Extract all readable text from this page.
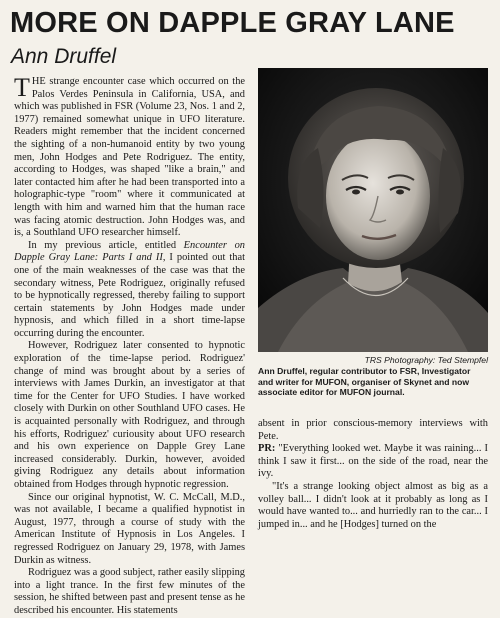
MORE ON DAPPLE GRAY LANE
Ann Druffel

THE strange encounter case which occurred on the Palos Verdes Peninsula in California, USA, and which was published in FSR (Volume 23, Nos. 1 and 2, 1977) remained somewhat unique in UFO literature. Readers might remember that the incident concerned the sighting of a non-humanoid entity by two young men, John Hodges and Pete Rodriguez. The entity, according to Hodges, was shaped "like a brain," and later contacted him after he had been transported into a holographic-type "room" where it communicated at length with him and warned him that the human race was facing atomic destruction. John Hodges was, and is, a Southland UFO researcher himself.

In my previous article, entitled Encounter on Dapple Gray Lane: Parts I and II, I pointed out that one of the main weaknesses of the case was that the secondary witness, Pete Rodriguez, originally refused to be hypnotically regressed, thereby failing to support certain statements by John Hodges made under hypnosis, and which filled in a short time-lapse occurring during the encounter.

However, Rodriguez later consented to hypnotic exploration of the time-lapse period. Rodriguez' change of mind was brought about by a series of interviews with James Durkin, an investigator at that time for the Center for UFO Studies. I have worked closely with Durkin on other Southland UFO cases. He is acquainted personally with Rodriguez, and through his efforts, Rodriguez' curiousity about UFO research and his own experience on Dapple Grey Lane increased considerably. Durkin, however, avoided giving Rodriguez any details about information obtained from Hodges through hypnotic regression.

Since our original hypnotist, W. C. McCall, M.D., was not available, I became a qualified hypnotist in August, 1977, through a course of study with the American Institute of Hypnosis in Los Angeles. I regressed Rodriguez on January 29, 1978, with James Durkin as witness.

Rodriguez was a good subject, rather easily slipping into a light trance. In the first few minutes of the session, he shifted between past and present tense as he described his encounter. His statements

TRS Photography: Ted Stempfel
Ann Druffel, regular contributor to FSR, Investigator and writer for MUFON, organiser of Skynet and now associate editor for MUFON journal.

absent in prior conscious-memory interviews with Pete.

PR: "Everything looked wet. Maybe it was raining... I think I saw it first... on the side of the road, near the ivy.

"It's a strange looking object almost as big as a volley ball... I didn't look at it probably as long as I would have wanted to... and hurriedly ran to the car... I jumped in... and he [Hodges] turned on the
